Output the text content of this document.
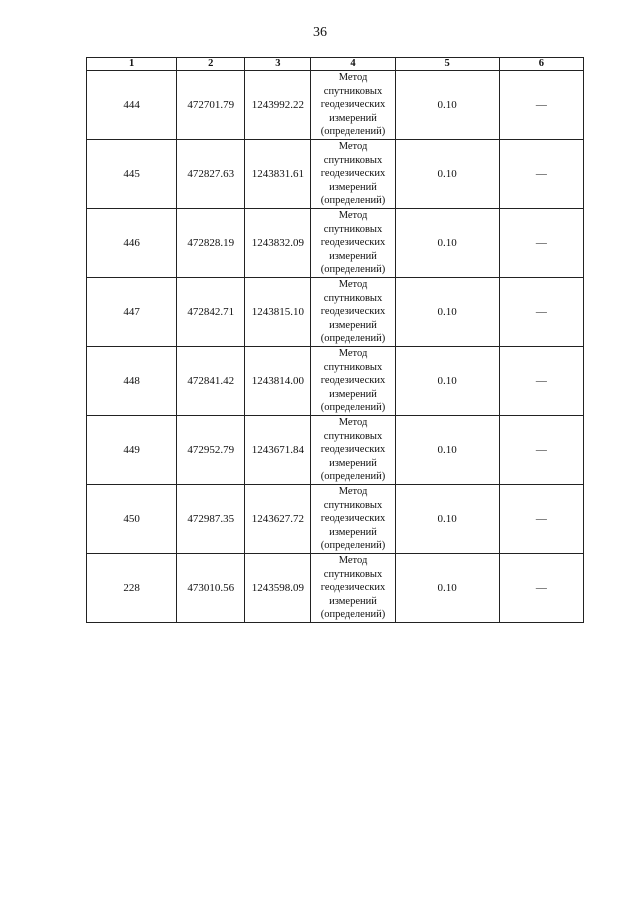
36
1	2	3	4	5	6
444	472701.79	1243992.22	Метод
спутниковых
геодезических
измерений
(определений)	0.10	—
445	472827.63	1243831.61	Метод
спутниковых
геодезических
измерений
(определений)	0.10	—
446	472828.19	1243832.09	Метод
спутниковых
геодезических
измерений
(определений)	0.10	—
447	472842.71	1243815.10	Метод
спутниковых
геодезических
измерений
(определений)	0.10	—
448	472841.42	1243814.00	Метод
спутниковых
геодезических
измерений
(определений)	0.10	—
449	472952.79	1243671.84	Метод
спутниковых
геодезических
измерений
(определений)	0.10	—
450	472987.35	1243627.72	Метод
спутниковых
геодезических
измерений
(определений)	0.10	—
228	473010.56	1243598.09	Метод
спутниковых
геодезических
измерений
(определений)	0.10	—
